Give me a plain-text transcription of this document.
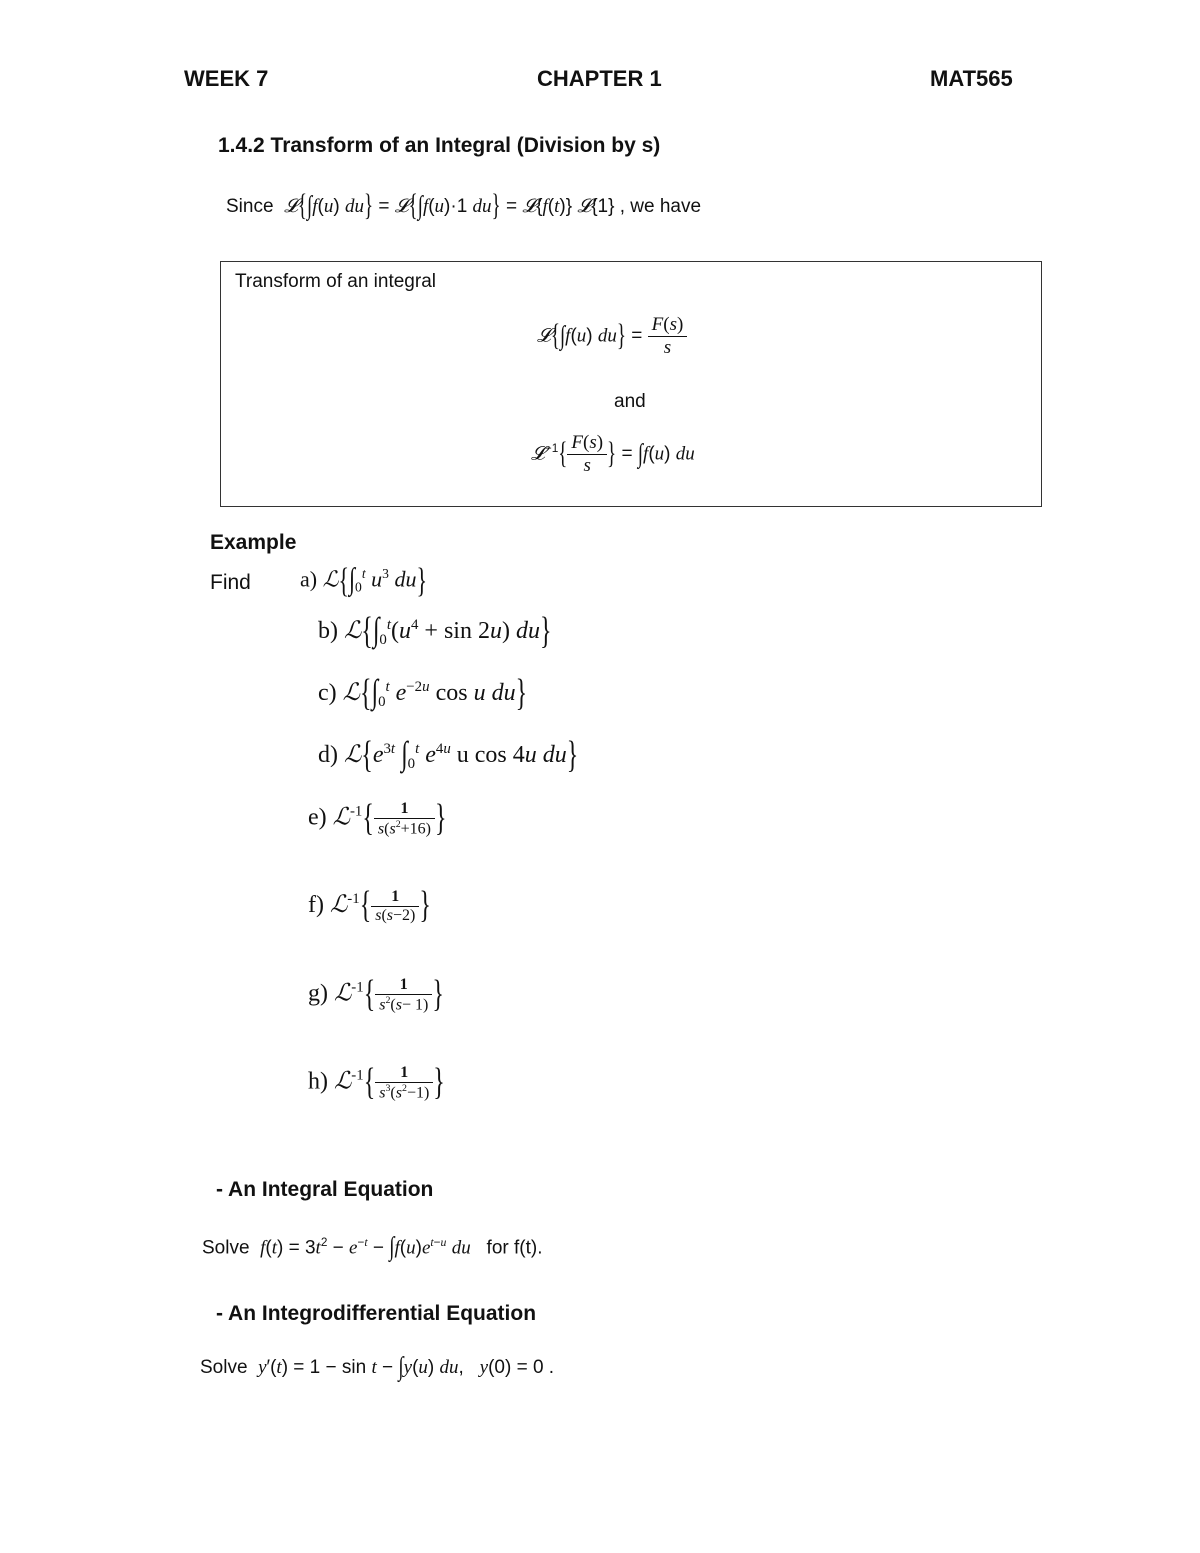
WEEK 7	CHAPTER 1	MAT565
1.4.2 Transform of an Integral (Division by s)
Since 𝓛{∫f(u) du} = 𝓛{∫f(u)·1 du} = 𝓛{f(t)} 𝓛{1} , we have
Transform of an integral
𝓛{∫f(u) $du\} = \frac{F(s)}{s}$
and
𝓛$^{-1}${ $\frac{F(s)}{s}$ } = ∫f(u) du
Example
Find a) $ℒ\{\int_0^t$ $u^3$ du}
b) $ℒ\{\int_0^t(u^4 + \sin 2u)$ du}
c) $ℒ\{\int_0^t$ $e^{-2u}$ cos u du}
d) $ℒ\{e^{3t}$ $\int_0^t$ $e^{4u}$ u cos 4u du}
e) ℒ$^{-1}${ $\frac{1}{s(s^2+16)}$ }
f) ℒ$^{-1}${ $\frac{1}{s(s-2)}$ }
g) ℒ$^{-1}${ $\frac{1}{s^2(s- 1)}$ }
h) ℒ$^{-1}${ $\frac{1}{s^3(s^2-1)}$ }
- An Integral Equation
Solve $f(t) = 3t^2 - e^{-t} - \int f(u)e^{t-u}$ du for f(t).
- An Integrodifferential Equation
Solve y′(t) = 1 − sin t − ∫y(u) du,   y(0) = 0 .
